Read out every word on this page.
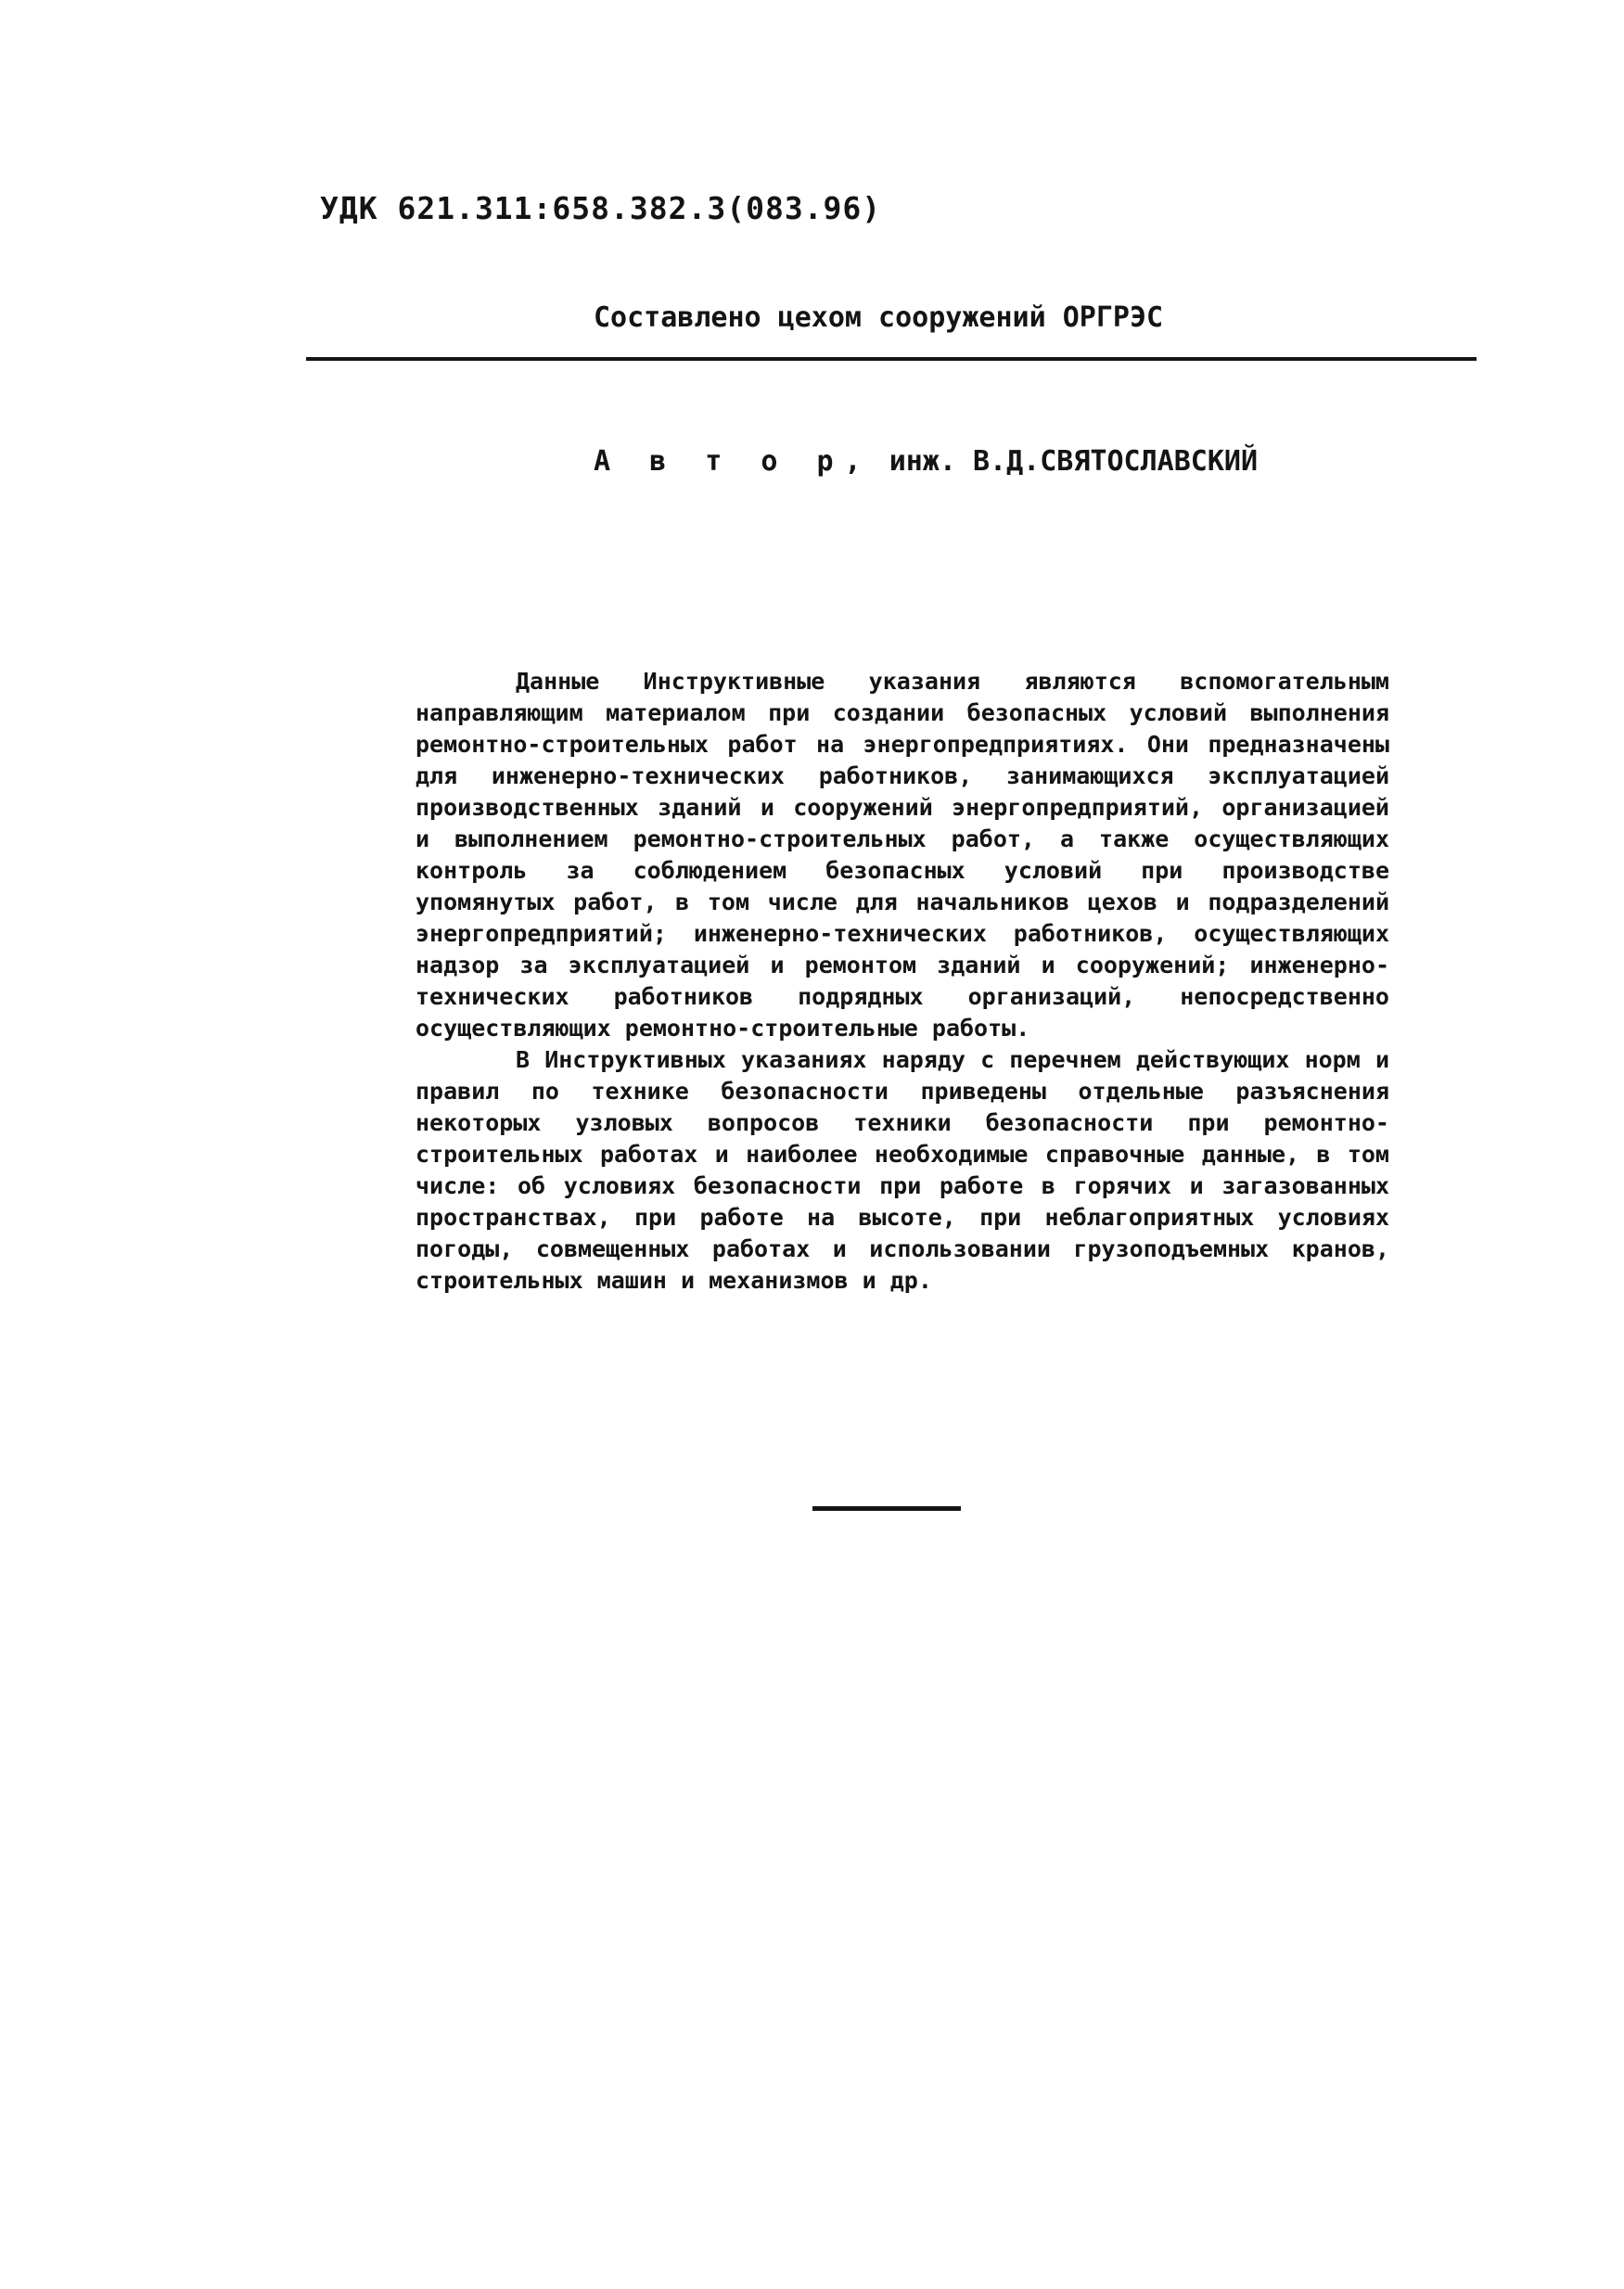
УДК 621.311:658.382.3(083.96)
Составлено цехом сооружений ОРГРЭС
А в т о р, инж. В.Д.СВЯТОСЛАВСКИЙ

Данные Инструктивные указания являются вспомогательным направляющим материалом при создании безопасных условий выполнения ремонтно-строительных работ на энергопредприятиях. Они предназначены для инженерно-технических работников, занимающихся эксплуатацией производственных зданий и сооружений энергопредприятий, организацией и выполнением ремонтно-строительных работ, а также осуществляющих контроль за соблюдением безопасных условий при производстве упомянутых работ, в том числе для начальников цехов и подразделений энергопредприятий; инженерно-технических работников, осуществляющих надзор за эксплуатацией и ремонтом зданий и сооружений; инженерно-технических работников подрядных организаций, непосредственно осуществляющих ремонтно-строительные работы.

В Инструктивных указаниях наряду с перечнем действующих норм и правил по технике безопасности приведены отдельные разъяснения некоторых узловых вопросов техники безопасности при ремонтно-строительных работах и наиболее необходимые справочные данные, в том числе: об условиях безопасности при работе в горячих и загазованных пространствах, при работе на высоте, при неблагоприятных условиях погоды, совмещенных работах и использовании грузоподъемных кранов, строительных машин и механизмов и др.
